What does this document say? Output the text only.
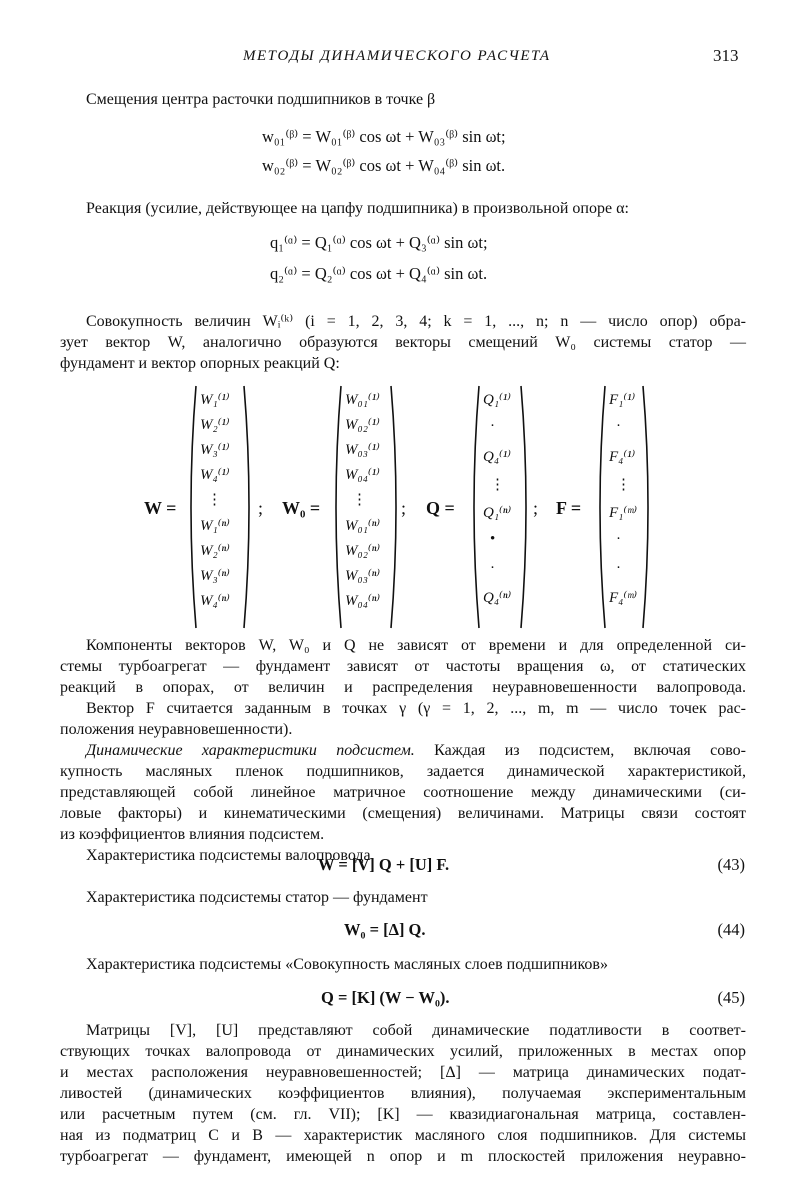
МЕТОДЫ ДИНАМИЧЕСКОГО РАСЧЕТА	313
Смещения центра расточки подшипников в точке β
w₀₁⁽ᵝ⁾ = W₀₁⁽ᵝ⁾ cos ωt + W₀₃⁽ᵝ⁾ sin ωt;
w₀₂⁽ᵝ⁾ = W₀₂⁽ᵝ⁾ cos ωt + W₀₄⁽ᵝ⁾ sin ωt.
Реакция (усилие, действующее на цапфу подшипника) в произвольной опоре α:
q₁⁽ᵅ⁾ = Q₁⁽ᵅ⁾ cos ωt + Q₃⁽ᵅ⁾ sin ωt;
q₂⁽ᵅ⁾ = Q₂⁽ᵅ⁾ cos ωt + Q₄⁽ᵅ⁾ sin ωt.
Совокупность величин Wᵢ⁽ᵏ⁾ (i = 1, 2, 3, 4; k = 1, ..., n; n — число опор) обра-
зует вектор W, аналогично образуются векторы смещений W₀ системы статор —
фундамент и вектор опорных реакций Q:
W =
W₁⁽¹⁾
W₂⁽¹⁾
W₃⁽¹⁾
W₄⁽¹⁾
⋮
W₁⁽ⁿ⁾
W₂⁽ⁿ⁾
W₃⁽ⁿ⁾
W₄⁽ⁿ⁾
; W₀ =
W₀₁⁽¹⁾
W₀₂⁽¹⁾
W₀₃⁽¹⁾
W₀₄⁽¹⁾
⋮
W₀₁⁽ⁿ⁾
W₀₂⁽ⁿ⁾
W₀₃⁽ⁿ⁾
W₀₄⁽ⁿ⁾
; Q =
Q₁⁽¹⁾
·
Q₄⁽¹⁾
⋮
Q₁⁽ⁿ⁾
•
·
Q₄⁽ⁿ⁾
; F =
F₁⁽¹⁾
·
F₄⁽¹⁾
⋮
F₁⁽ᵐ⁾
·
·
F₄⁽ᵐ⁾
Компоненты векторов W, W₀ и Q не зависят от времени и для определенной си-
стемы турбоагрегат — фундамент зависят от частоты вращения ω, от статических
реакций в опорах, от величин и распределения неуравновешенности валопровода.
Вектор F считается заданным в точках γ (γ = 1, 2, ..., m, m — число точек рас-
положения неуравновешенности).
Динамические характеристики подсистем. Каждая из подсистем, включая сово-
купность масляных пленок подшипников, задается динамической характеристикой,
представляющей собой линейное матричное соотношение между динамическими (си-
ловые факторы) и кинематическими (смещения) величинами. Матрицы связи состоят
из коэффициентов влияния подсистем.
Характеристика подсистемы валопровода
W = [V] Q + [U] F.	(43)
Характеристика подсистемы статор — фундамент
W₀ = [Δ] Q.	(44)
Характеристика подсистемы «Совокупность масляных слоев подшипников»
Q = [K] (W − W₀).	(45)
Матрицы [V], [U] представляют собой динамические податливости в соответ-
ствующих точках валопровода от динамических усилий, приложенных в местах опор
и местах расположения неуравновешенностей; [Δ] — матрица динамических подат-
ливостей (динамических коэффициентов влияния), получаемая экспериментальным
или расчетным путем (см. гл. VII); [K] — квазидиагональная матрица, составлен-
ная из подматриц C и B — характеристик масляного слоя подшипников. Для системы
турбоагрегат — фундамент, имеющей n опор и m плоскостей приложения неуравно-
